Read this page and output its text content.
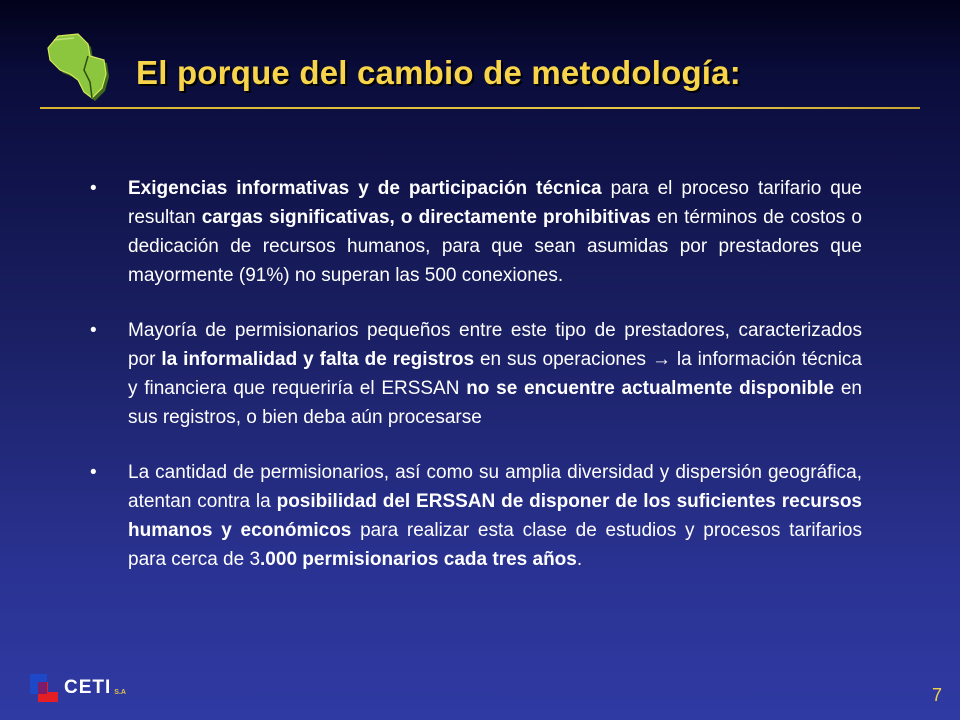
El porque del cambio de metodología:
• Exigencias informativas y de participación técnica para el proceso tarifario que resultan cargas significativas, o directamente prohibitivas en términos de costos o dedicación de recursos humanos, para que sean asumidas por prestadores que mayormente (91%) no superan las 500 conexiones.

• Mayoría de permisionarios pequeños entre este tipo de prestadores, caracterizados por la informalidad y falta de registros en sus operaciones → la información técnica y financiera que requeriría el ERSSAN no se encuentre actualmente disponible en sus registros, o bien deba aún procesarse

• La cantidad de permisionarios, así como su amplia diversidad y dispersión geográfica, atentan contra la posibilidad del ERSSAN de disponer de los suficientes recursos humanos y económicos para realizar esta clase de estudios y procesos tarifarios para cerca de 3.000 permisionarios cada tres años.

CETI S.A	7
